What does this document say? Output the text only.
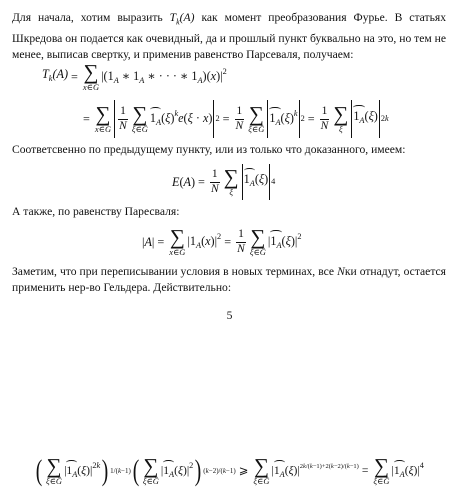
Для начала, хотим выразить $T_k(A)$ как момент преобразования Фурье. В статьях Шкредова он подается как очевидный, да и прошлый пункт буквально на это, но тем не менее, выписав свертку, и применив равенство Парсеваля, получаем:

$T_k(A)$ = ∑
x∈G
$|(1_A$ ∗ $1_A$ ∗ · · · ∗ $1_A)(x)|^2$
= ∑
x∈G $\frac{1}{N}$ ∑
ξ∈Ĝ
$1_A(\xi)^ke(\xi \cdot x) 2 = \frac{1}{N}$ ∑
ξ∈Ĝ
$1_A(\xi)^k$ $2 = \frac{1}{N}$ ∑
ξ
$1_A(\xi)$ 2k

Соответсвенно по предыдущему пункту, или из только что доказанного, имеем:

E ( A ) = $\frac{1}{N}$ ∑
ξ
$1_A(\xi)$ 4

А также, по равенству Паресваля:

|A| = ∑
x∈G
$|1_A(x)|^2 = \frac{1}{N}$ ∑
ξ∈Ĝ
$|1_A(\xi)|^2$

Заметим, что при переписывании условия в новых терминах, все Nки отнадут, остается применить нер-во Гельдера. Действительно:

5
( ∑
ξ∈Ĝ
$|1_A(\xi)|^{2k}$ ) 1/(k−1) ( ∑
ξ∈Ĝ
$|1_A(\xi)|^2$ ) (k−2)/(k−1) ⩾ ∑
ξ∈Ĝ
$|1_A(\xi)|^{2k/(k-1)+2(k-2)/(k-1)}$ = ∑
ξ∈Ĝ
$|1_A(\xi)|^4$
